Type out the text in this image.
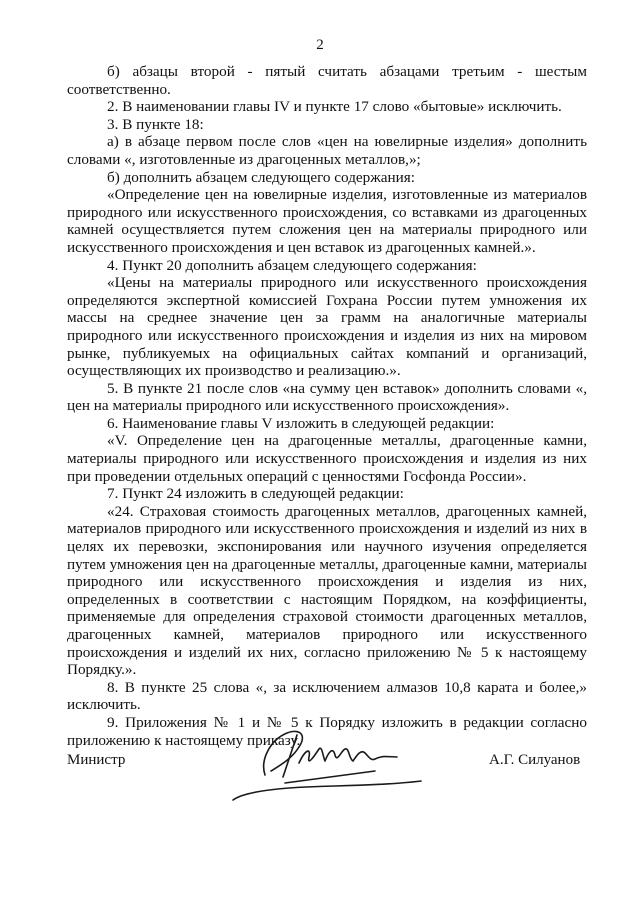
2

б) абзацы второй - пятый считать абзацами третьим - шестым соответственно.

2. В наименовании главы IV и пункте 17 слово «бытовые» исключить.

3. В пункте 18:

а) в абзаце первом после слов «цен на ювелирные изделия» дополнить словами «, изготовленные из драгоценных металлов,»;

б) дополнить абзацем следующего содержания:

«Определение цен на ювелирные изделия, изготовленные из материалов природного или искусственного происхождения, со вставками из драгоценных камней осуществляется путем сложения цен на материалы природного или искусственного происхождения и цен вставок из драгоценных камней.».

4. Пункт 20 дополнить абзацем следующего содержания:

«Цены на материалы природного или искусственного происхождения определяются экспертной комиссией Гохрана России путем умножения их массы на среднее значение цен за грамм на аналогичные материалы природного или искусственного происхождения и изделия из них на мировом рынке, публикуемых на официальных сайтах компаний и организаций, осуществляющих их производство и реализацию.».

5. В пункте 21 после слов «на сумму цен вставок» дополнить словами «, цен на материалы природного или искусственного происхождения».

6. Наименование главы V изложить в следующей редакции:

«V. Определение цен на драгоценные металлы, драгоценные камни, материалы природного или искусственного происхождения и изделия из них при проведении отдельных операций с ценностями Госфонда России».

7. Пункт 24 изложить в следующей редакции:

«24. Страховая стоимость драгоценных металлов, драгоценных камней, материалов природного или искусственного происхождения и изделий из них в целях их перевозки, экспонирования или научного изучения определяется путем умножения цен на драгоценные металлы, драгоценные камни, материалы природного или искусственного происхождения и изделия из них, определенных в соответствии с настоящим Порядком, на коэффициенты, применяемые для определения страховой стоимости драгоценных металлов, драгоценных камней, материалов природного или искусственного происхождения и изделий их них, согласно приложению № 5 к настоящему Порядку.».

8. В пункте 25 слова «, за исключением алмазов 10,8 карата и более,» исключить.

9. Приложения № 1 и № 5 к Порядку изложить в редакции согласно приложению к настоящему приказу.

Министр	А.Г. Силуанов
